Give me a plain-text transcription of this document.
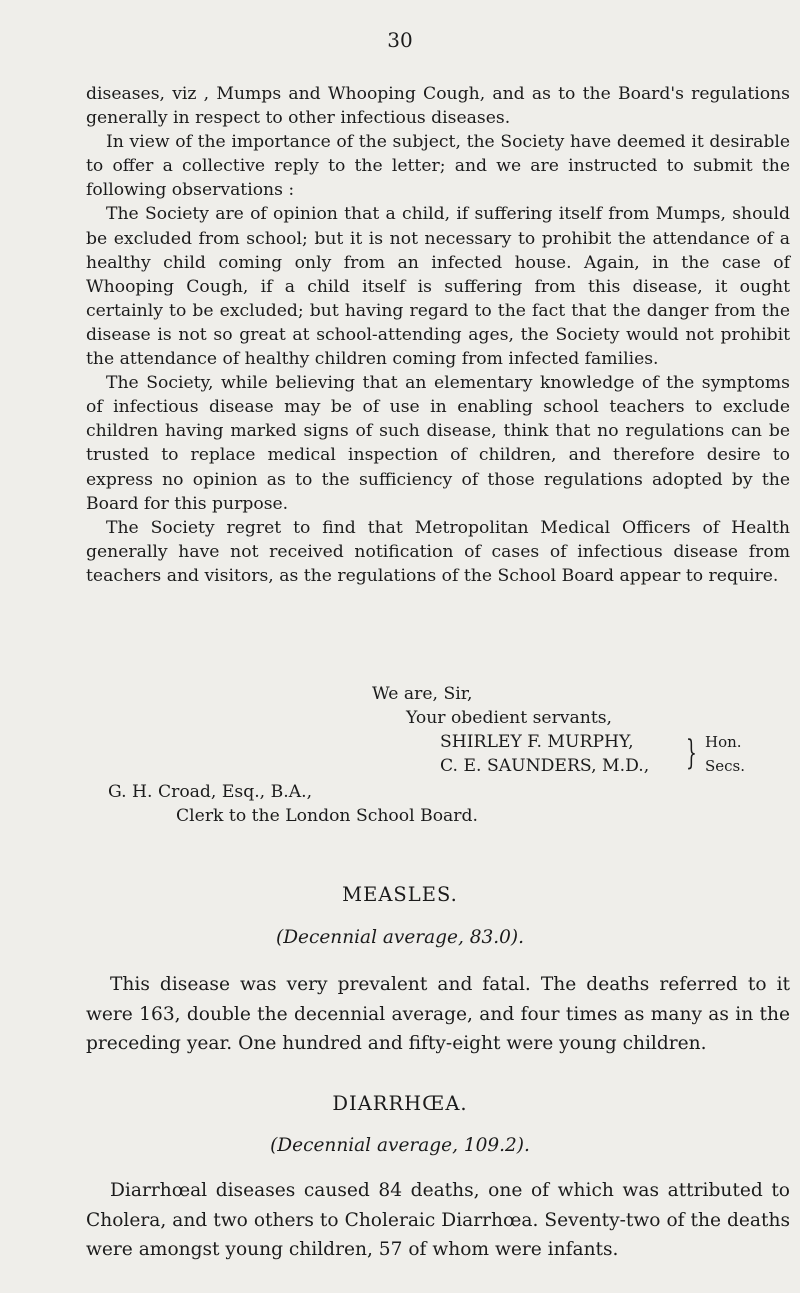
30

diseases, viz , Mumps and Whooping Cough, and as to the Board's regulations generally in respect to other infectious diseases.

In view of the importance of the subject, the Society have deemed it desirable to offer a collective reply to the letter; and we are instructed to submit the following observations :

The Society are of opinion that a child, if suffering itself from Mumps, should be excluded from school; but it is not necessary to prohibit the attendance of a healthy child coming only from an infected house. Again, in the case of Whooping Cough, if a child itself is suffering from this disease, it ought certainly to be excluded; but having regard to the fact that the danger from the disease is not so great at school-attending ages, the Society would not prohibit the attendance of healthy children coming from infected families.

The Society, while believing that an elementary knowledge of the symptoms of infectious disease may be of use in enabling school teachers to exclude children having marked signs of such disease, think that no regulations can be trusted to replace medical inspection of children, and therefore desire to express no opinion as to the sufficiency of those regulations adopted by the Board for this purpose.

The Society regret to find that Metropolitan Medical Officers of Health generally have not received notification of cases of infectious disease from teachers and visitors, as the regulations of the School Board appear to require.

We are, Sir,
Your obedient servants,
SHIRLEY F. MURPHY,
C. E. SAUNDERS, M.D., } Hon.
Secs.
G. H. Croad, Esq., B.A.,
Clerk to the London School Board.
MEASLES.
(Decennial average, 83.0).

This disease was very prevalent and fatal. The deaths referred to it were 163, double the decennial average, and four times as many as in the preceding year. One hundred and fifty-eight were young children.

DIARRHŒA.
(Decennial average, 109.2).

Diarrhœal diseases caused 84 deaths, one of which was attributed to Cholera, and two others to Choleraic Diarrhœa. Seventy-two of the deaths were amongst young children, 57 of whom were infants.
